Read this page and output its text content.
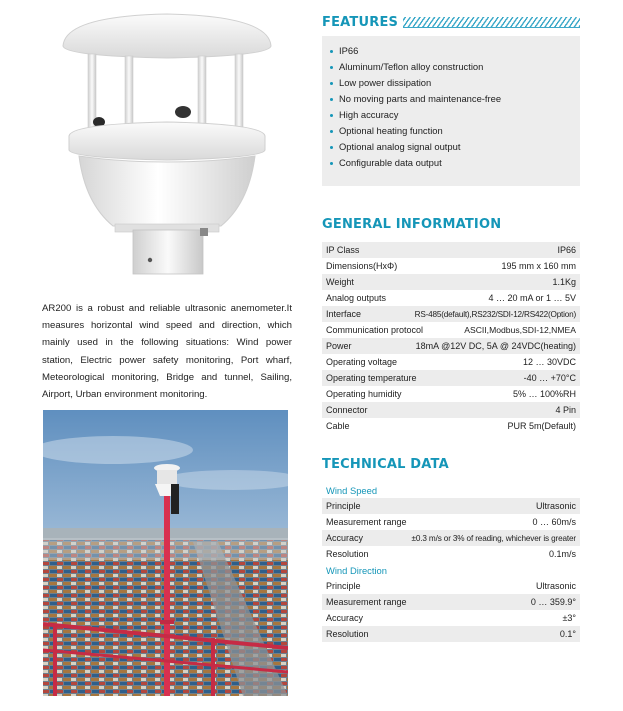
AR200 is a robust and reliable ultrasonic anemometer.It measures horizontal wind speed and direction, which mainly used in the following situations: Wind power station, Electric power safety monitoring, Port wharf, Meteorological monitoring, Bridge and tunnel, Sailing, Airport, Urban environment monitoring.

FEATURES
IP66
Aluminum/Teflon alloy construction
Low power dissipation
No moving parts and maintenance-free
High accuracy
Optional heating function
Optional analog signal output
Configurable data output
GENERAL INFORMATION
IP Class	IP66
Dimensions(HxΦ)	195 mm x 160 mm
Weight	1.1Kg
Analog outputs	4 … 20 mA or 1 … 5V
Interface	RS-485(default),RS232/SDI-12/RS422(Option)
Communication protocol	ASCII,Modbus,SDI-12,NMEA
Power	18mA @12V DC, 5A @ 24VDC(heating)
Operating voltage	12 … 30VDC
Operating temperature	-40 … +70°C
Operating humidity	5% … 100%RH
Connector	4 Pin
Cable	PUR 5m(Default)
TECHNICAL DATA
Wind Speed
Principle	Ultrasonic
Measurement range	0 … 60m/s
Accuracy	±0.3 m/s or 3% of reading, whichever is greater
Resolution	0.1m/s
Wind Direction
Principle	Ultrasonic
Measurement range	0 … 359.9°
Accuracy	±3°
Resolution	0.1°
